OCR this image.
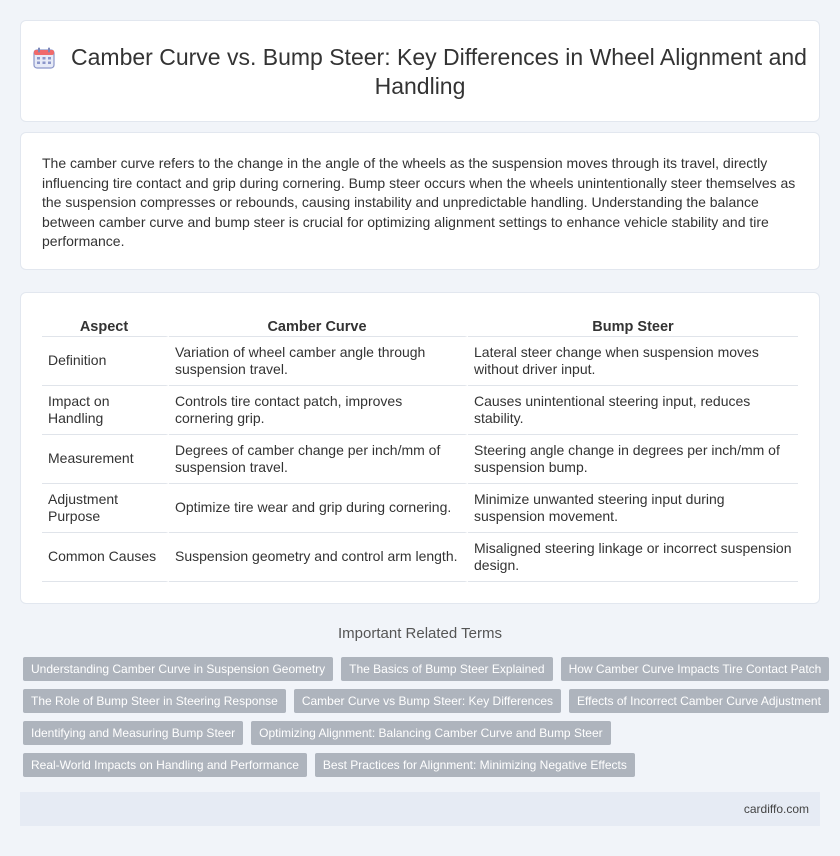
Camber Curve vs. Bump Steer: Key Differences in Wheel Alignment and Handling

The camber curve refers to the change in the angle of the wheels as the suspension moves through its travel, directly influencing tire contact and grip during cornering. Bump steer occurs when the wheels unintentionally steer themselves as the suspension compresses or rebounds, causing instability and unpredictable handling. Understanding the balance between camber curve and bump steer is crucial for optimizing alignment settings to enhance vehicle stability and tire performance.

Aspect	Camber Curve	Bump Steer
Definition	Variation of wheel camber angle through suspension travel.	Lateral steer change when suspension moves without driver input.
Impact on Handling	Controls tire contact patch, improves cornering grip.	Causes unintentional steering input, reduces stability.
Measurement	Degrees of camber change per inch/mm of suspension travel.	Steering angle change in degrees per inch/mm of suspension bump.
Adjustment Purpose	Optimize tire wear and grip during cornering.	Minimize unwanted steering input during suspension movement.
Common Causes	Suspension geometry and control arm length.	Misaligned steering linkage or incorrect suspension design.
Important Related Terms
Understanding Camber Curve in Suspension Geometry	The Basics of Bump Steer Explained	How Camber Curve Impacts Tire Contact Patch
The Role of Bump Steer in Steering Response	Camber Curve vs Bump Steer: Key Differences	Effects of Incorrect Camber Curve Adjustment
Identifying and Measuring Bump Steer	Optimizing Alignment: Balancing Camber Curve and Bump Steer
Real-World Impacts on Handling and Performance	Best Practices for Alignment: Minimizing Negative Effects
cardiffo.com
